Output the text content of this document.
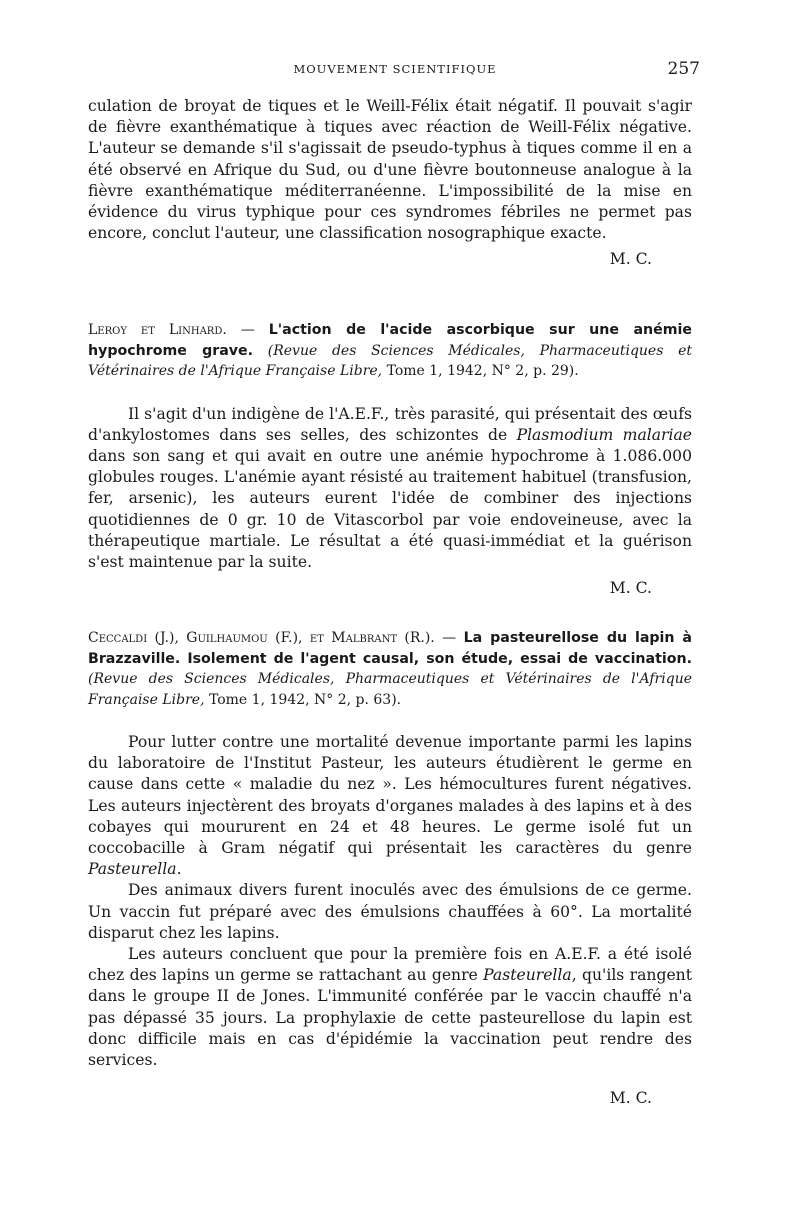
MOUVEMENT SCIENTIFIQUE	257

culation de broyat de tiques et le Weill-Félix était négatif. Il pouvait s'agir de fièvre exanthématique à tiques avec réaction de Weill-Félix négative. L'auteur se demande s'il s'agissait de pseudo-typhus à tiques comme il en a été observé en Afrique du Sud, ou d'une fièvre boutonneuse analogue à la fièvre exanthématique méditerranéenne. L'impossibilité de la mise en évidence du virus typhique pour ces syndromes fébriles ne permet pas encore, conclut l'auteur, une classification nosographique exacte.

M. C.

Leroy et Linhard. — L'action de l'acide ascorbique sur une anémie hypochrome grave. (Revue des Sciences Médicales, Pharmaceutiques et Vétérinaires de l'Afrique Française Libre, Tome 1, 1942, N° 2, p. 29).

Il s'agit d'un indigène de l'A.E.F., très parasité, qui présentait des œufs d'ankylostomes dans ses selles, des schizontes de Plasmodium malariae dans son sang et qui avait en outre une anémie hypochrome à 1.086.000 globules rouges. L'anémie ayant résisté au traitement habituel (transfusion, fer, arsenic), les auteurs eurent l'idée de combiner des injections quotidiennes de 0 gr. 10 de Vitascorbol par voie endoveineuse, avec la thérapeutique martiale. Le résultat a été quasi-immédiat et la guérison s'est maintenue par la suite.

M. C.

Ceccaldi (J.), Guilhaumou (F.), et Malbrant (R.). — La pasteurellose du lapin à Brazzaville. Isolement de l'agent causal, son étude, essai de vaccination. (Revue des Sciences Médicales, Pharmaceutiques et Vétérinaires de l'Afrique Française Libre, Tome 1, 1942, N° 2, p. 63).

Pour lutter contre une mortalité devenue importante parmi les lapins du laboratoire de l'Institut Pasteur, les auteurs étudièrent le germe en cause dans cette « maladie du nez ». Les hémocultures furent négatives. Les auteurs injectèrent des broyats d'organes malades à des lapins et à des cobayes qui moururent en 24 et 48 heures. Le germe isolé fut un coccobacille à Gram négatif qui présentait les caractères du genre Pasteurella.

Des animaux divers furent inoculés avec des émulsions de ce germe. Un vaccin fut préparé avec des émulsions chauffées à 60°. La mortalité disparut chez les lapins.

Les auteurs concluent que pour la première fois en A.E.F. a été isolé chez des lapins un germe se rattachant au genre Pasteurella, qu'ils rangent dans le groupe II de Jones. L'immunité conférée par le vaccin chauffé n'a pas dépassé 35 jours. La prophylaxie de cette pasteurellose du lapin est donc difficile mais en cas d'épidémie la vaccination peut rendre des services.

M. C.
